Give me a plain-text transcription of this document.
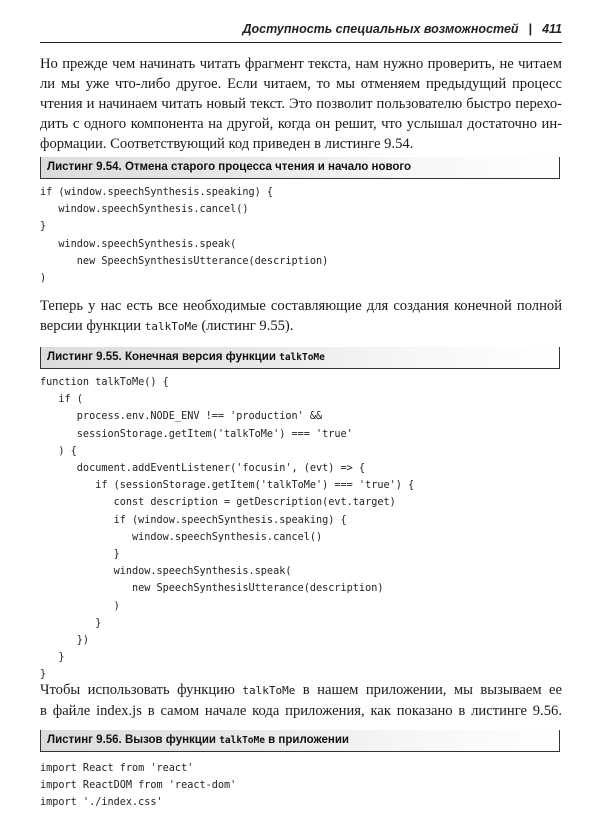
Доступность специальных возможностей | 411
Но прежде чем начинать читать фрагмент текста, нам нужно проверить, не читаем
ли мы уже что-либо другое. Если читаем, то мы отменяем предыдущий процесс
чтения и начинаем читать новый текст. Это позволит пользователю быстро перехо-
дить с одного компонента на другой, когда он решит, что услышал достаточно ин-
формации. Соответствующий код приведен в листинге 9.54.
Листинг 9.54. Отмена старого процесса чтения и начало нового
if (window.speechSynthesis.speaking) {
window.speechSynthesis.cancel()
}
window.speechSynthesis.speak(
new SpeechSynthesisUtterance(description)
)
Теперь у нас есть все необходимые составляющие для создания конечной полной
версии функции talkToMe (листинг 9.55).
Листинг 9.55. Конечная версия функции talkToMe
function talkToMe() {
if (
process.env.NODE_ENV !== 'production' &&
sessionStorage.getItem('talkToMe') === 'true'
) {
document.addEventListener('focusin', (evt) => {
if (sessionStorage.getItem('talkToMe') === 'true') {
const description = getDescription(evt.target)
if (window.speechSynthesis.speaking) {
window.speechSynthesis.cancel()
}
window.speechSynthesis.speak(
new SpeechSynthesisUtterance(description)
)
}
})
}
}
Чтобы использовать функцию talkToMe в нашем приложении, мы вызываем ее
в файле index.js в самом начале кода приложения, как показано в листинге 9.56.
Листинг 9.56. Вызов функции talkToMe в приложении
import React from 'react'
import ReactDOM from 'react-dom'
import './index.css'
